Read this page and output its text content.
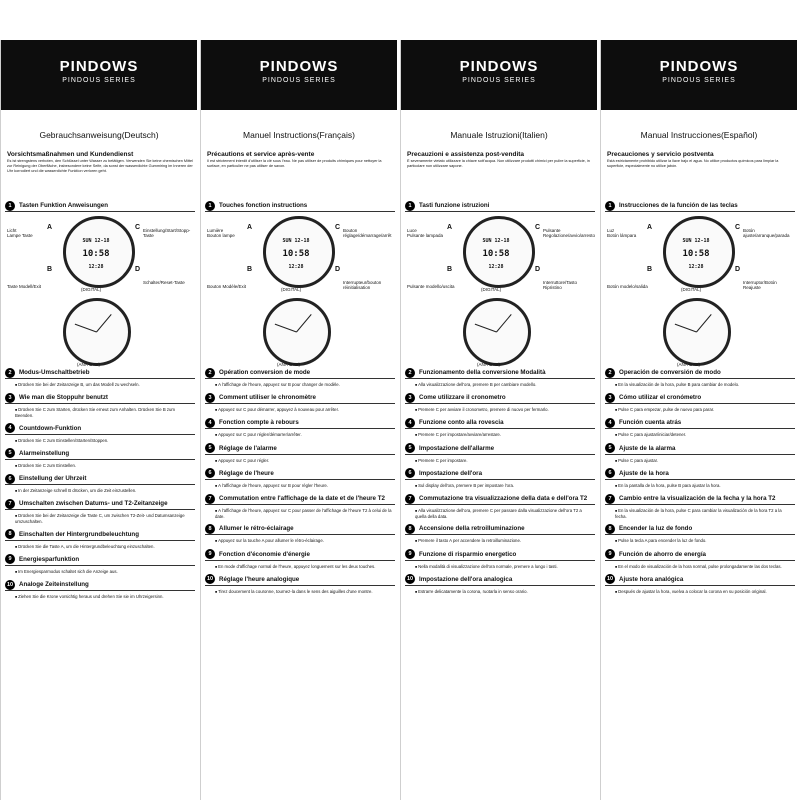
PINDOWS
PINDOUS SERIES
Gebrauchsanweisung(Deutsch)
Vorsichtsmaßnahmen und Kundendienst
Es ist strengstens verboten, den Schlüssel unter Wasser zu betätigen. Verwenden Sie keine chemischen Mittel zur Reinigung der Oberfläche, insbesondere keine Seife, da sonst der wasserdichte Gummiring im Inneren der Uhr korrodiert und die wasserdichte Funktion verloren geht.
1	Tasten Funktion Anweisungen
SUN 12-18
10:58
12:28
A
B
C
D
Licht
Lampe Taste
Taste Modell/Exit
Einstellung/Start/Stopp-Taste
Schalter/Reset-Taste
(DIGITAL)
(ANA-DIGI)
2	Modus-Umschaltbetrieb
■ Drücken Sie bei der Zeitanzeige B, um das Modell zu wechseln.
3	Wie man die Stoppuhr benutzt
■ Drücken Sie C zum Starten, drücken Sie erneut zum Anhalten. Drücken Sie B zum Beenden.
4	Countdown-Funktion
■ Drücken Sie C zum Einstellen/Starten/Stoppen.
5	Alarmeinstellung
■ Drücken Sie C zum Einstellen.
6	Einstellung der Uhrzeit
■ In der Zeitanzeige schnell B drücken, um die Zeit einzustellen.
7	Umschalten zwischen Datums- und T2-Zeitanzeige
■ Drücken Sie bei der Zeitanzeige die Taste C, um zwischen T2-Zeit- und Datumsanzeige umzuschalten.
8	Einschalten der Hintergrundbeleuchtung
■ Drücken Sie die Taste A, um die Hintergrundbeleuchtung einzuschalten.
9	Energiesparfunktion
■ Im Energiesparmodus schaltet sich die Anzeige aus.
10 Analoge Zeiteinstellung
■ Ziehen Sie die Krone vorsichtig heraus und drehen Sie sie im Uhrzeigersinn.
PINDOWS
PINDOUS SERIES
Manuel Instructions(Français)
Précautions et service après-vente
Il est strictement interdit d'utiliser la clé sous l'eau. Ne pas utiliser de produits chimiques pour nettoyer la surface, en particulier ne pas utiliser de savon.
1	Touches fonction instructions
SUN 12-18
10:58
12:28
A
B
C
D
Lumière
Bouton lampe
Bouton Modèle/Exit
Bouton réglage/démarrage/arrêt
Interrupteur/bouton réinitialisation
(DIGITAL)
(ANA-DIGI)
2	Opération conversion de mode
■ A l'affichage de l'heure, appuyez sur B pour changer de modèle.
3	Comment utiliser le chronomètre
■ Appuyez sur C pour démarrer, appuyez à nouveau pour arrêter.
4	Fonction compte à rebours
■ Appuyez sur C pour régler/démarrer/arrêter.
5	Réglage de l'alarme
■ Appuyez sur C pour régler.
6	Réglage de l'heure
■ A l'affichage de l'heure, appuyez sur B pour régler l'heure.
7	Commutation entre l'affichage de la date et de l'heure T2
■ A l'affichage de l'heure, appuyez sur C pour passer de l'affichage de l'heure T2 à celui de la date.
8	Allumer le rétro-éclairage
■ Appuyez sur la touche A pour allumer le rétro-éclairage.
9	Fonction d'économie d'énergie
■ En mode d'affichage normal de l'heure, appuyez longuement sur les deux touches.
10 Réglage l'heure analogique
■ Tirez doucement la couronne, tournez-la dans le sens des aiguilles d'une montre.
PINDOWS
PINDOUS SERIES
Manuale Istruzioni(Italien)
Precauzioni e assistenza post-vendita
È severamente vietato utilizzare la chiave sott'acqua. Non utilizzare prodotti chimici per pulire la superficie, in particolare non utilizzare sapone.
1	Tasti funzione istruzioni
SUN 12-18
10:58
12:28
A
B
C
D
Luce
Pulsante lampada
Pulsante modello/uscita
Pulsante Regolazione/avvio/arresto
Interruttore/Tasto Ripristino
(DIGITAL)
(ANA-DIGI)
2	Funzionamento della conversione Modalità
■ Alla visualizzazione dell'ora, premere B per cambiare modello.
3	Come utilizzare il cronometro
■ Premere C per avviare il cronometro, premere di nuovo per fermarlo.
4	Funzione conto alla rovescia
■ Premere C per impostare/avviare/arrestare.
5	Impostazione dell'allarme
■ Premere C per impostare.
6	Impostazione dell'ora
■ Sul display dell'ora, premere B per impostare l'ora.
7	Commutazione tra visualizzazione della data e dell'ora T2
■ Alla visualizzazione dell'ora, premere C per passare dalla visualizzazione dell'ora T2 a quella della data.
8	Accensione della retroilluminazione
■ Premere il tasto A per accendere la retroilluminazione.
9	Funzione di risparmio energetico
■ Nella modalità di visualizzazione dell'ora normale, premere a lungo i tasti.
10 Impostazione dell'ora analogica
■ Estrarre delicatamente la corona, ruotarla in senso orario.
PINDOWS
PINDOUS SERIES
Manual Instrucciones(Español)
Precauciones y servicio postventa
Está estrictamente prohibido utilizar la llave bajo el agua. No utilice productos químicos para limpiar la superficie, especialmente no utilice jabón.
1	Instrucciones de la función de las teclas
SUN 12-18
10:58
12:28
A
B
C
D
Luz
Botón lámpara
Botón modelo/salida
Botón ajuste/arranque/parada
Interruptor/Botón Reajuste
(DIGITAL)
(ANA-DIGI)
2	Operación de conversión de modo
■ En la visualización de la hora, pulse B para cambiar de modelo.
3	Cómo utilizar el cronómetro
■ Pulse C para empezar, pulse de nuevo para parar.
4	Función cuenta atrás
■ Pulse C para ajustar/iniciar/detener.
5	Ajuste de la alarma
■ Pulse C para ajustar.
6	Ajuste de la hora
■ En la pantalla de la hora, pulse B para ajustar la hora.
7	Cambio entre la visualización de la fecha y la hora T2
■ En la visualización de la hora, pulse C para cambiar la visualización de la hora T2 a la fecha.
8	Encender la luz de fondo
■ Pulse la tecla A para encender la luz de fondo.
9	Función de ahorro de energía
■ En el modo de visualización de la hora normal, pulse prolongadamente las dos teclas.
10 Ajuste hora analógica
■ Después de ajustar la hora, vuelva a colocar la corona en su posición original.
